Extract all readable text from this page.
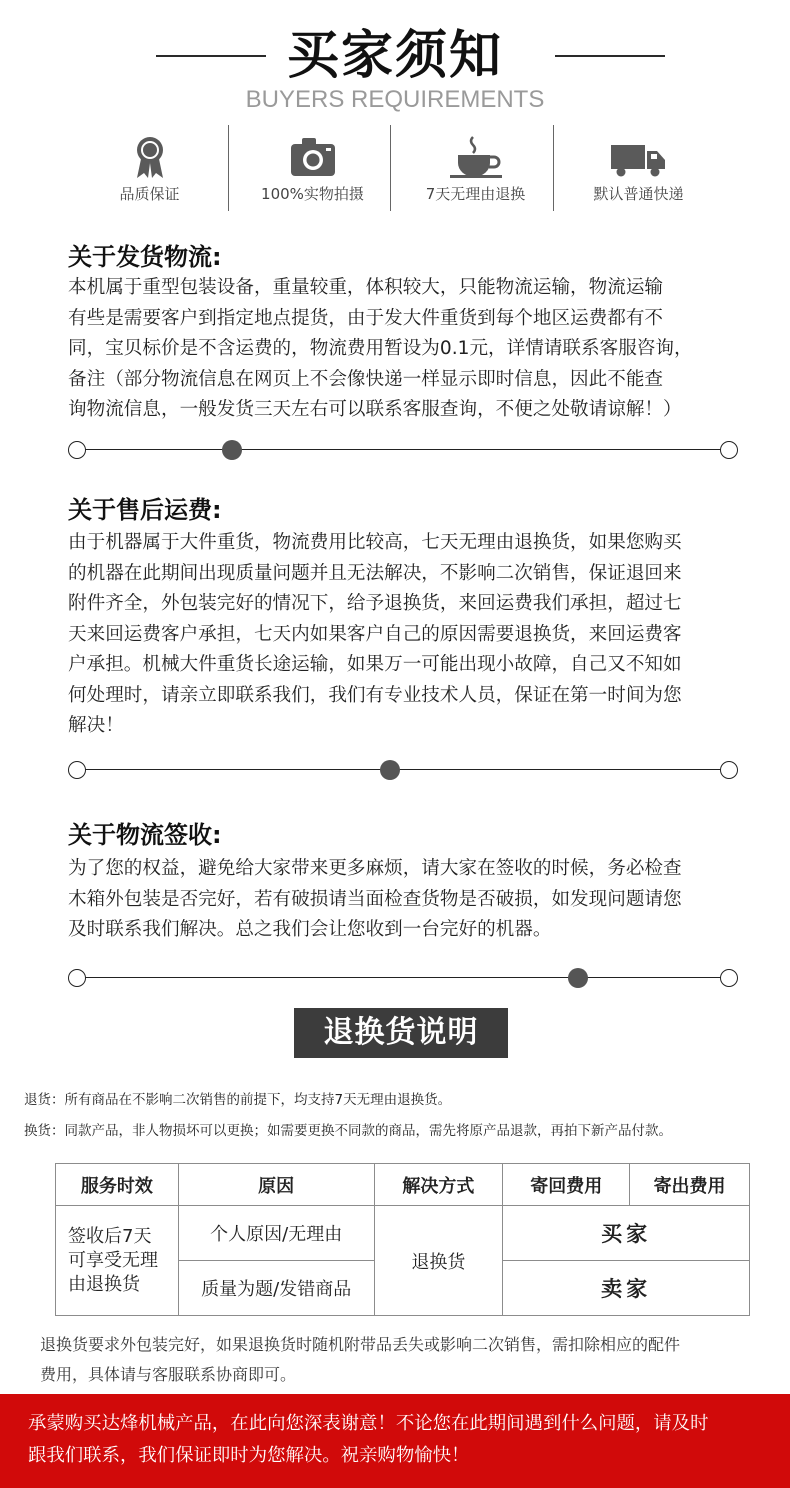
买家须知
BUYERS REQUIREMENTS
品质保证	100%实物拍摄	7天无理由退换	默认普通快递
关于发货物流:
本机属于重型包装设备，重量较重，体积较大，只能物流运输，物流运输
有些是需要客户到指定地点提货，由于发大件重货到每个地区运费都有不
同，宝贝标价是不含运费的，物流费用暂设为0.1元，详情请联系客服咨询，
备注（部分物流信息在网页上不会像快递一样显示即时信息，因此不能查
询物流信息，一般发货三天左右可以联系客服查询，不便之处敬请谅解！）
关于售后运费:
由于机器属于大件重货，物流费用比较高，七天无理由退换货，如果您购买
的机器在此期间出现质量问题并且无法解决，不影响二次销售，保证退回来
附件齐全，外包装完好的情况下，给予退换货，来回运费我们承担，超过七
天来回运费客户承担，七天内如果客户自己的原因需要退换货，来回运费客
户承担。机械大件重货长途运输，如果万一可能出现小故障，自己又不知如
何处理时，请亲立即联系我们，我们有专业技术人员，保证在第一时间为您
解决！
关于物流签收:
为了您的权益，避免给大家带来更多麻烦，请大家在签收的时候，务必检查
木箱外包装是否完好，若有破损请当面检查货物是否破损，如发现问题请您
及时联系我们解决。总之我们会让您收到一台完好的机器。
退换货说明
退货：所有商品在不影响二次销售的前提下，均支持7天无理由退换货。
换货：同款产品，非人物损坏可以更换；如需要更换不同款的商品，需先将原产品退款，再拍下新产品付款。
服务时效	原因	解决方式	寄回费用	寄出费用

签收后7天
可享受无理
由退换货	个人原因/无理由	退换货	买家	
	质量为题/发错商品		卖家	
退换货要求外包装完好，如果退换货时随机附带品丢失或影响二次销售，需扣除相应的配件
费用，具体请与客服联系协商即可。
承蒙购买达烽机械产品，在此向您深表谢意！不论您在此期间遇到什么问题，请及时
跟我们联系，我们保证即时为您解决。祝亲购物愉快！
